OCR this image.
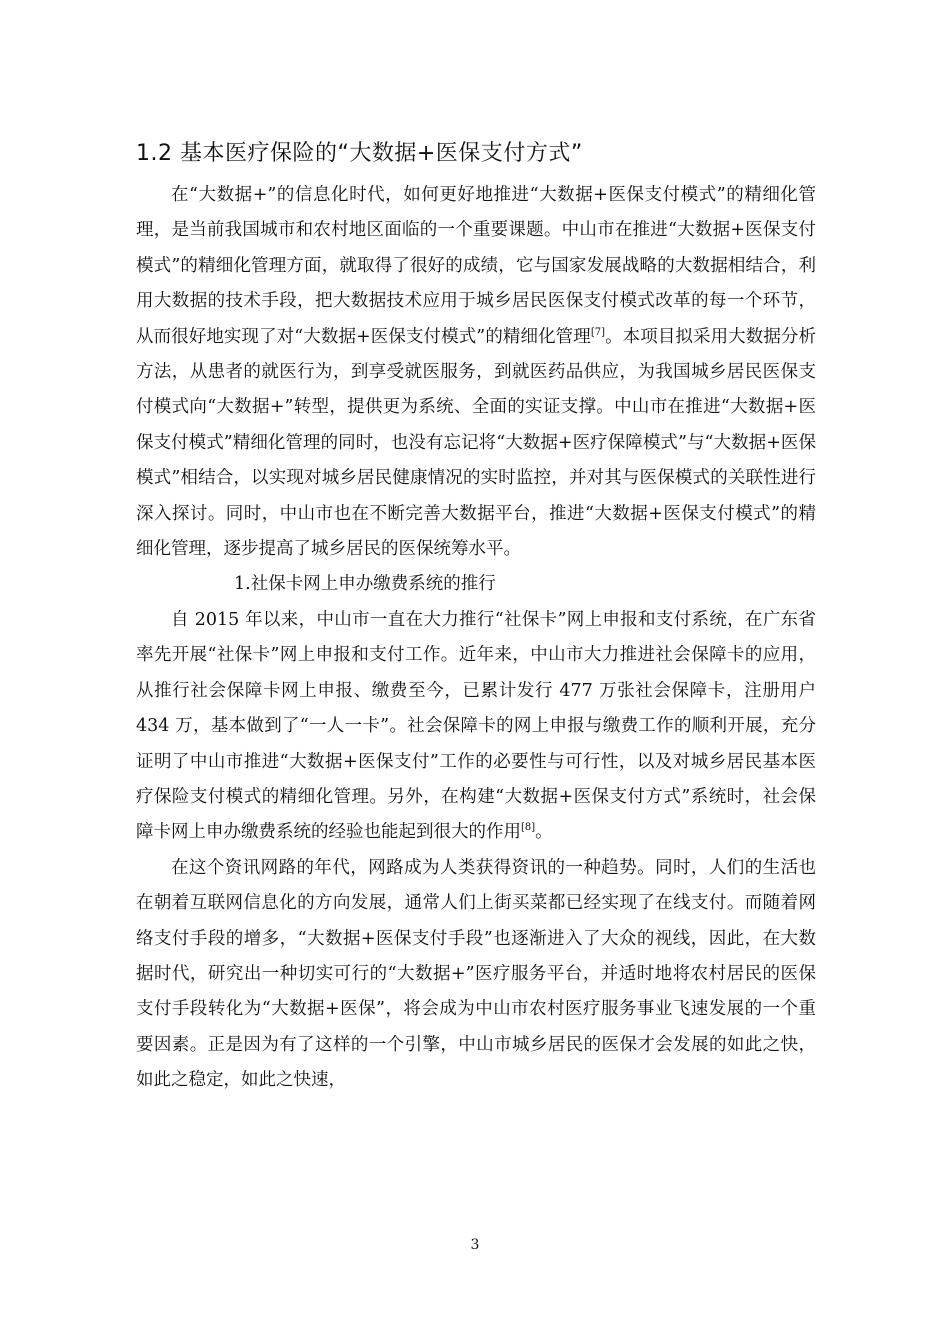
1.2 基本医疗保险的“大数据+医保支付方式”

在“大数据+”的信息化时代，如何更好地推进“大数据+医保支付模式”的精细化管理，是当前我国城市和农村地区面临的一个重要课题。中山市在推进“大数据+医保支付模式”的精细化管理方面，就取得了很好的成绩，它与国家发展战略的大数据相结合，利用大数据的技术手段，把大数据技术应用于城乡居民医保支付模式改革的每一个环节，从而很好地实现了对“大数据+医保支付模式”的精细化管理[7]。本项目拟采用大数据分析方法，从患者的就医行为，到享受就医服务，到就医药品供应，为我国城乡居民医保支付模式向“大数据+”转型，提供更为系统、全面的实证支撑。中山市在推进“大数据+医保支付模式”精细化管理的同时，也没有忘记将“大数据+医疗保障模式”与“大数据+医保模式”相结合，以实现对城乡居民健康情况的实时监控，并对其与医保模式的关联性进行深入探讨。同时，中山市也在不断完善大数据平台，推进“大数据+医保支付模式”的精细化管理，逐步提高了城乡居民的医保统筹水平。

1.社保卡网上申办缴费系统的推行

自 2015 年以来，中山市一直在大力推行“社保卡”网上申报和支付系统，在广东省率先开展“社保卡”网上申报和支付工作。近年来，中山市大力推进社会保障卡的应用，从推行社会保障卡网上申报、缴费至今，已累计发行 477 万张社会保障卡，注册用户 434 万，基本做到了“一人一卡”。社会保障卡的网上申报与缴费工作的顺利开展，充分证明了中山市推进“大数据+医保支付”工作的必要性与可行性，以及对城乡居民基本医疗保险支付模式的精细化管理。另外，在构建“大数据+医保支付方式”系统时，社会保障卡网上申办缴费系统的经验也能起到很大的作用[8]。

在这个资讯网路的年代，网路成为人类获得资讯的一种趋势。同时，人们的生活也在朝着互联网信息化的方向发展，通常人们上街买菜都已经实现了在线支付。而随着网络支付手段的增多，“大数据+医保支付手段”也逐渐进入了大众的视线，因此，在大数据时代，研究出一种切实可行的“大数据+”医疗服务平台，并适时地将农村居民的医保支付手段转化为“大数据+医保”，将会成为中山市农村医疗服务事业飞速发展的一个重要因素。正是因为有了这样的一个引擎，中山市城乡居民的医保才会发展的如此之快，如此之稳定，如此之快速，

3
